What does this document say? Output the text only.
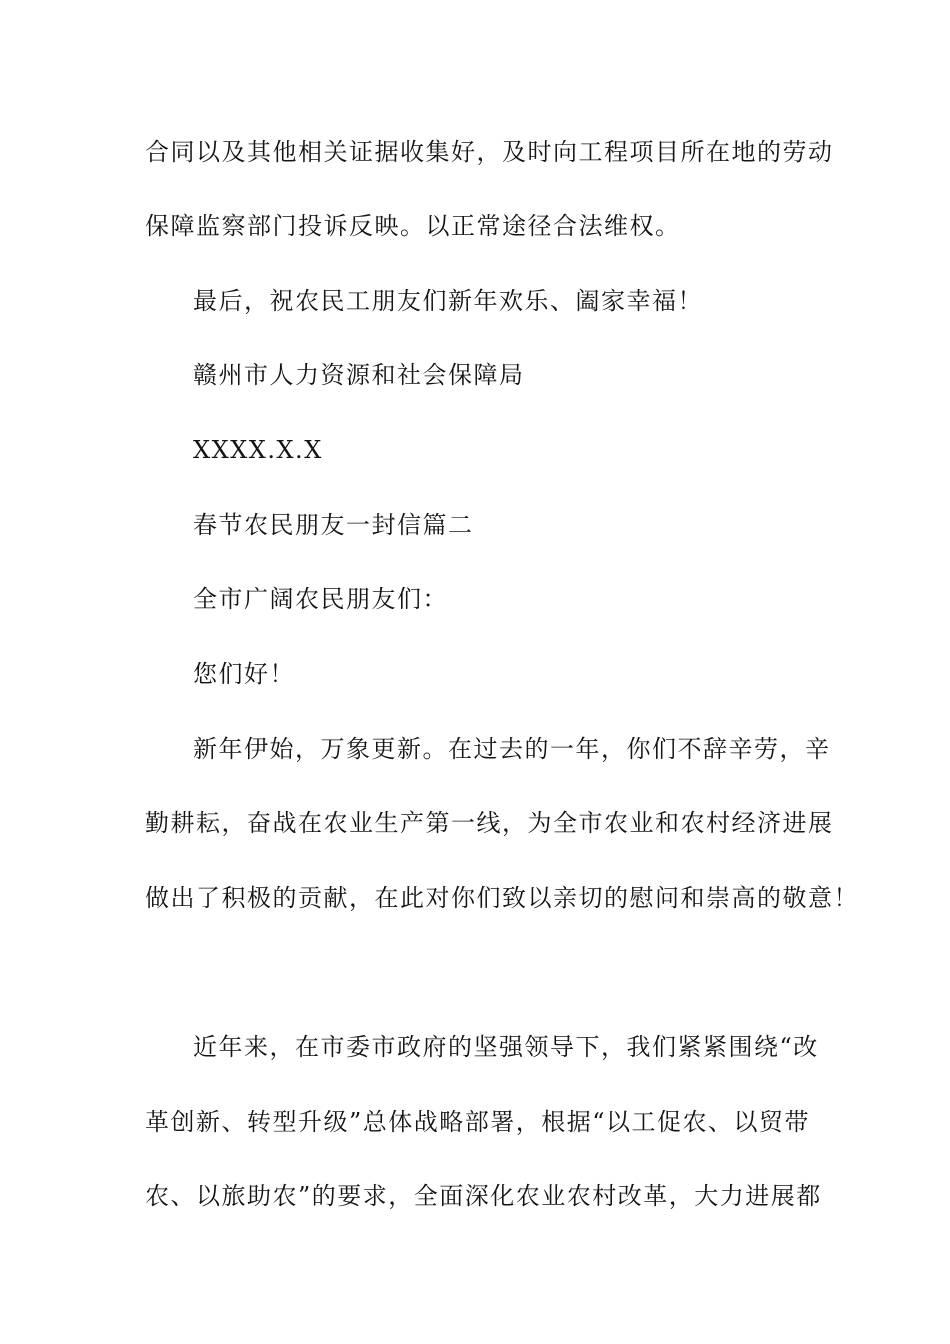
合同以及其他相关证据收集好，及时向工程项目所在地的劳动

保障监察部门投诉反映。以正常途径合法维权。

最后，祝农民工朋友们新年欢乐、阖家幸福！

赣州市人力资源和社会保障局

XXXX.X.X

春节农民朋友一封信篇二

全市广阔农民朋友们：

您们好！

新年伊始，万象更新。在过去的一年，你们不辞辛劳，辛

勤耕耘，奋战在农业生产第一线，为全市农业和农村经济进展

做出了积极的贡献，在此对你们致以亲切的慰问和崇高的敬意！

近年来，在市委市政府的坚强领导下，我们紧紧围绕“改

革创新、转型升级”总体战略部署，根据“以工促农、以贸带

农、以旅助农”的要求，全面深化农业农村改革，大力进展都
